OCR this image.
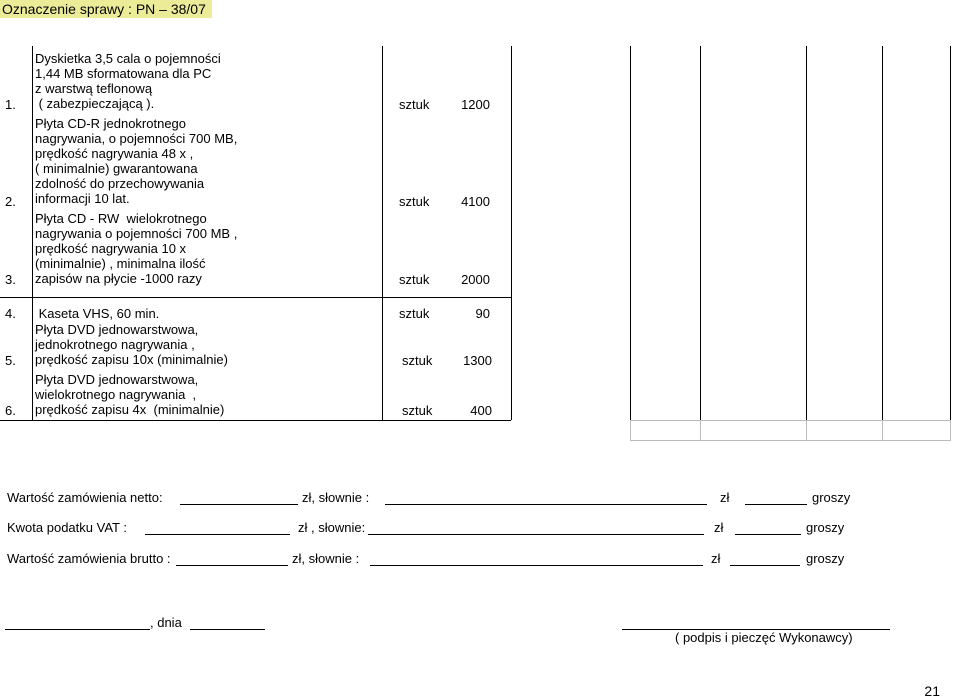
Oznaczenie sprawy : PN – 38/07
1.
Dyskietka 3,5 cala o pojemności
1,44 MB sformatowana dla PC
z warstwą teflonową
( zabezpieczającą ).	sztuk	1200
2.
Płyta CD-R jednokrotnego
nagrywania, o pojemności 700 MB,
prędkość nagrywania 48 x ,
( minimalnie) gwarantowana
zdolność do przechowywania
informacji 10 lat.	sztuk	4100
3.
Płyta CD - RW  wielokrotnego
nagrywania o pojemności 700 MB ,
prędkość nagrywania 10 x
(minimalnie) , minimalna ilość
zapisów na płycie -1000 razy	sztuk	2000
4. Kaseta VHS, 60 min.	sztuk	90
5.
Płyta DVD jednowarstwowa,
jednokrotnego nagrywania ,
prędkość zapisu 10x (minimalnie)	sztuk	1300
6.
Płyta DVD jednowarstwowa,
wielokrotnego nagrywania  ,
prędkość zapisu 4x  (minimalnie)	sztuk	400
Wartość zamówienia netto:	zł, słownie :	zł	groszy
Kwota podatku VAT :	zł , słownie:	zł	groszy
Wartość zamówienia brutto :	zł, słownie :	zł	groszy
, dnia
( podpis i pieczęć Wykonawcy)
21
